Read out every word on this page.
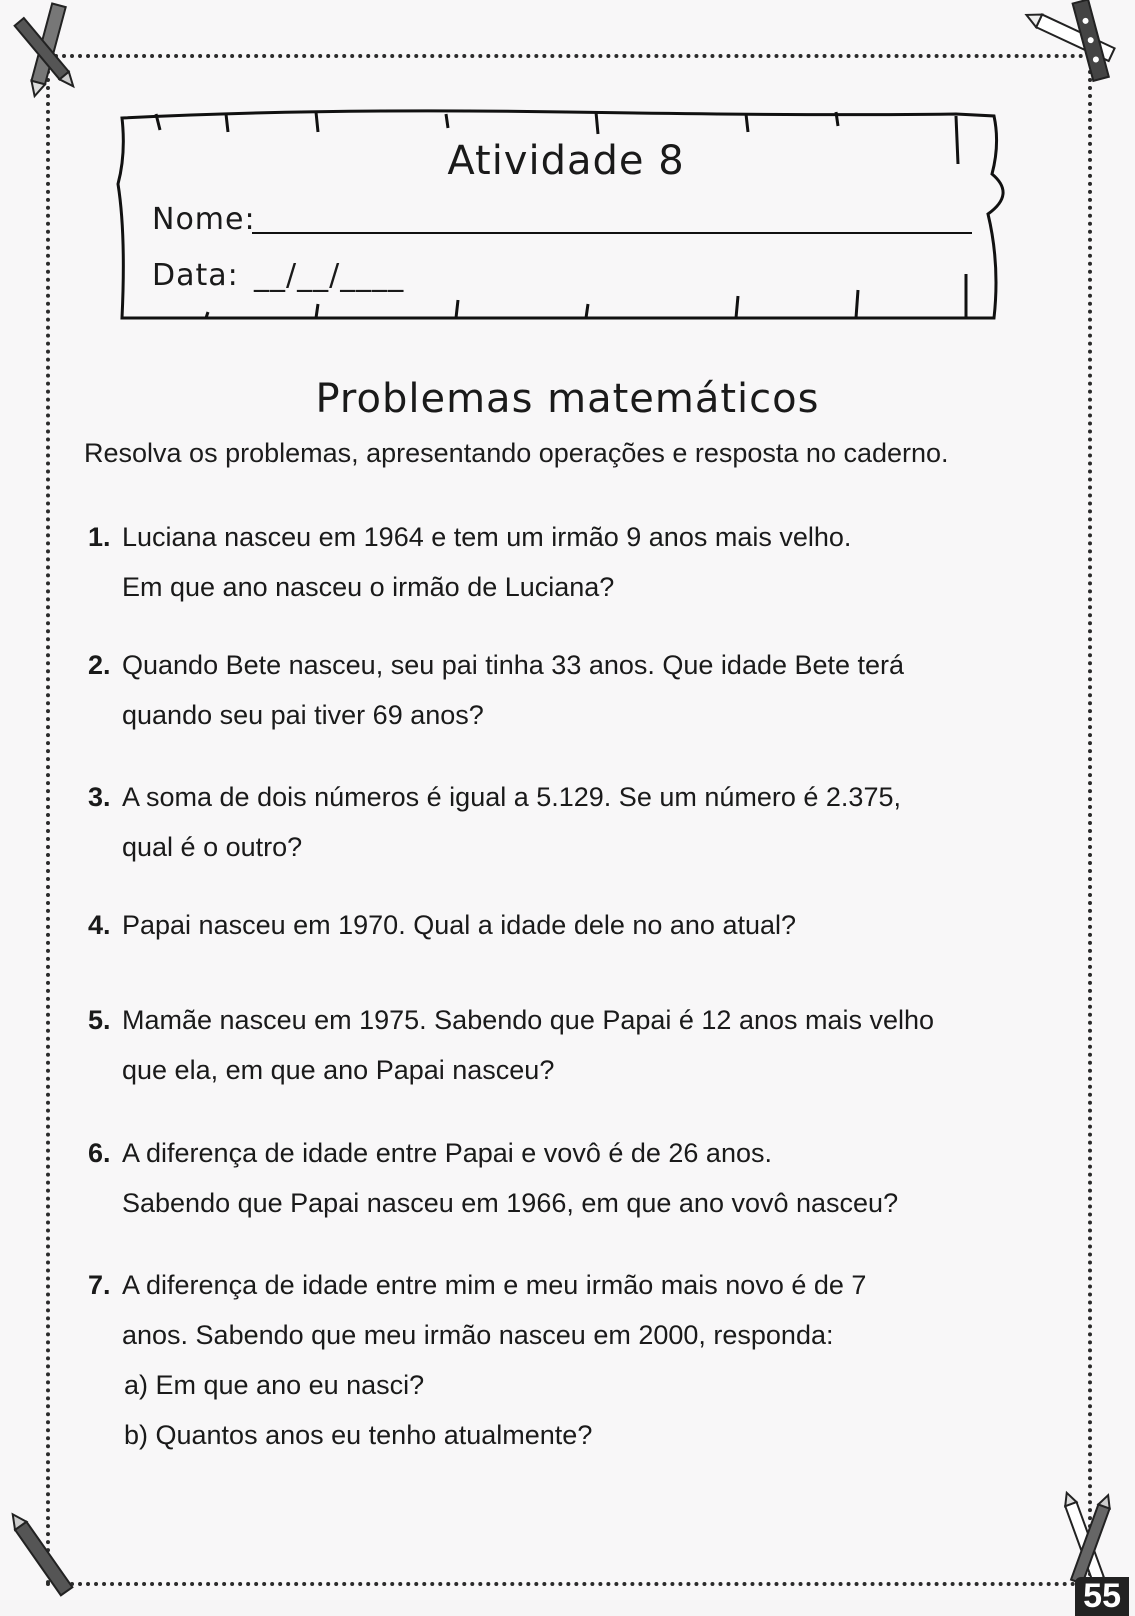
Atividade 8
Nome:
Data: __/__/____
Problemas matemáticos
Resolva os problemas, apresentando operações e resposta no caderno.
1. Luciana nasceu em 1964 e tem um irmão 9 anos mais velho.
Em que ano nasceu o irmão de Luciana?
2. Quando Bete nasceu, seu pai tinha 33 anos. Que idade Bete terá
quando seu pai tiver 69 anos?
3. A soma de dois números é igual a 5.129. Se um número é 2.375,
qual é o outro?
4. Papai nasceu em 1970. Qual a idade dele no ano atual?
5. Mamãe nasceu em 1975. Sabendo que Papai é 12 anos mais velho
que ela, em que ano Papai nasceu?
6. A diferença de idade entre Papai e vovô é de 26 anos.
Sabendo que Papai nasceu em 1966, em que ano vovô nasceu?
7. A diferença de idade entre mim e meu irmão mais novo é de 7
anos. Sabendo que meu irmão nasceu em 2000, responda:
a) Em que ano eu nasci?
b) Quantos anos eu tenho atualmente?
55
